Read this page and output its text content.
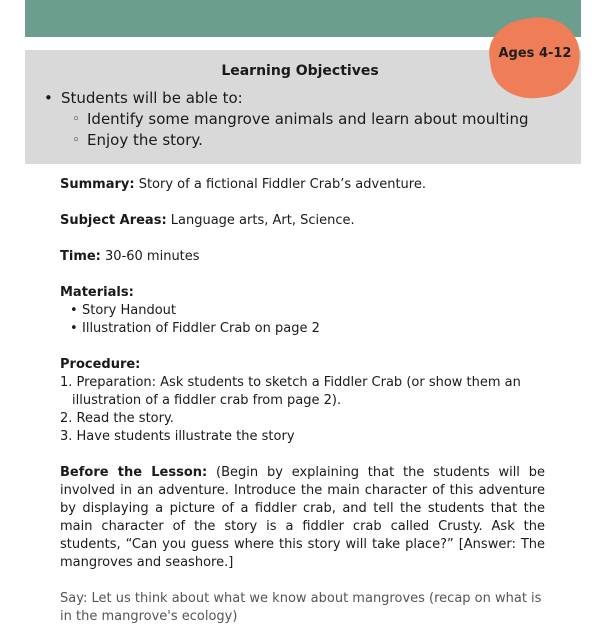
Learning Objectives
• Students will be able to:
◦ Identify some mangrove animals and learn about moulting
◦ Enjoy the story.
Ages 4-12

Summary: Story of a fictional Fiddler Crab’s adventure.

Subject Areas: Language arts, Art, Science.

Time: 30-60 minutes

Materials:

• Story Handout
• Illustration of Fiddler Crab on page 2

Procedure:

1. Preparation: Ask students to sketch a Fiddler Crab (or show them an

illustration of a fiddler crab from page 2).

2. Read the story.

3. Have students illustrate the story

Before the Lesson: (Begin by explaining that the students will be involved in an adventure. Introduce the main character of this adventure by displaying a picture of a fiddler crab, and tell the students that the main character of the story is a fiddler crab called Crusty. Ask the students, “Can you guess where this story will take place?” [Answer: The mangroves and seashore.]

Say: Let us think about what we know about mangroves (recap on what is in the mangrove's ecology)
